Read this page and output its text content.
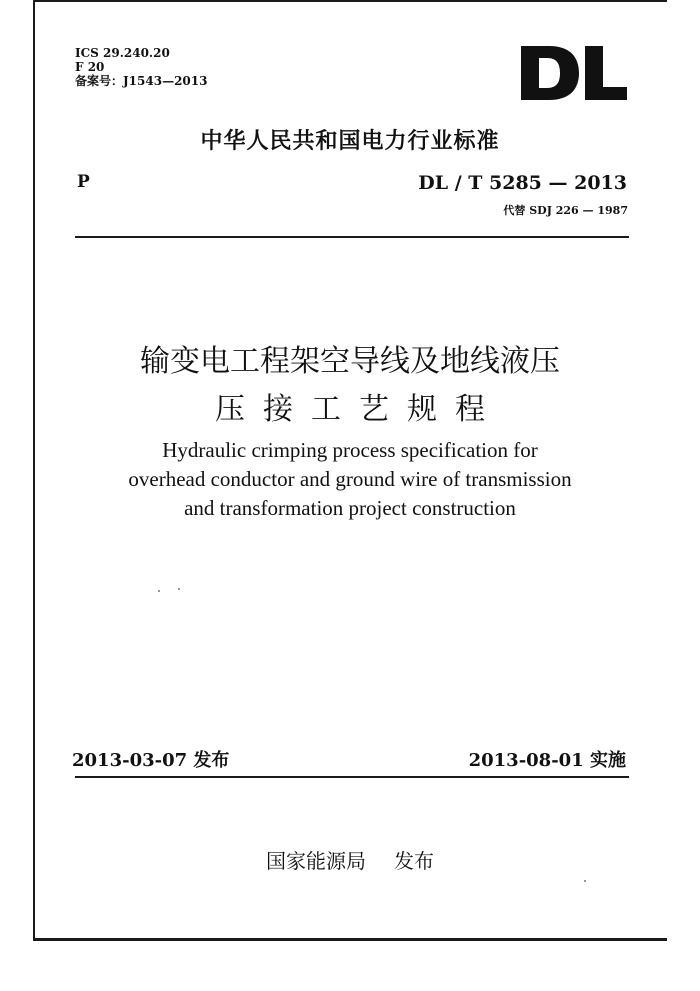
ICS 29.240.20
F 20
备案号：J1543—2013
中华人民共和国电力行业标准
P	DL / T 5285 — 2013
代替 SDJ 226 — 1987
输变电工程架空导线及地线液压
压接工艺规程
Hydraulic crimping process specification for
overhead conductor and ground wire of transmission
and transformation project construction
2013-03-07 发布	2013-08-01 实施
国家能源局 发布
